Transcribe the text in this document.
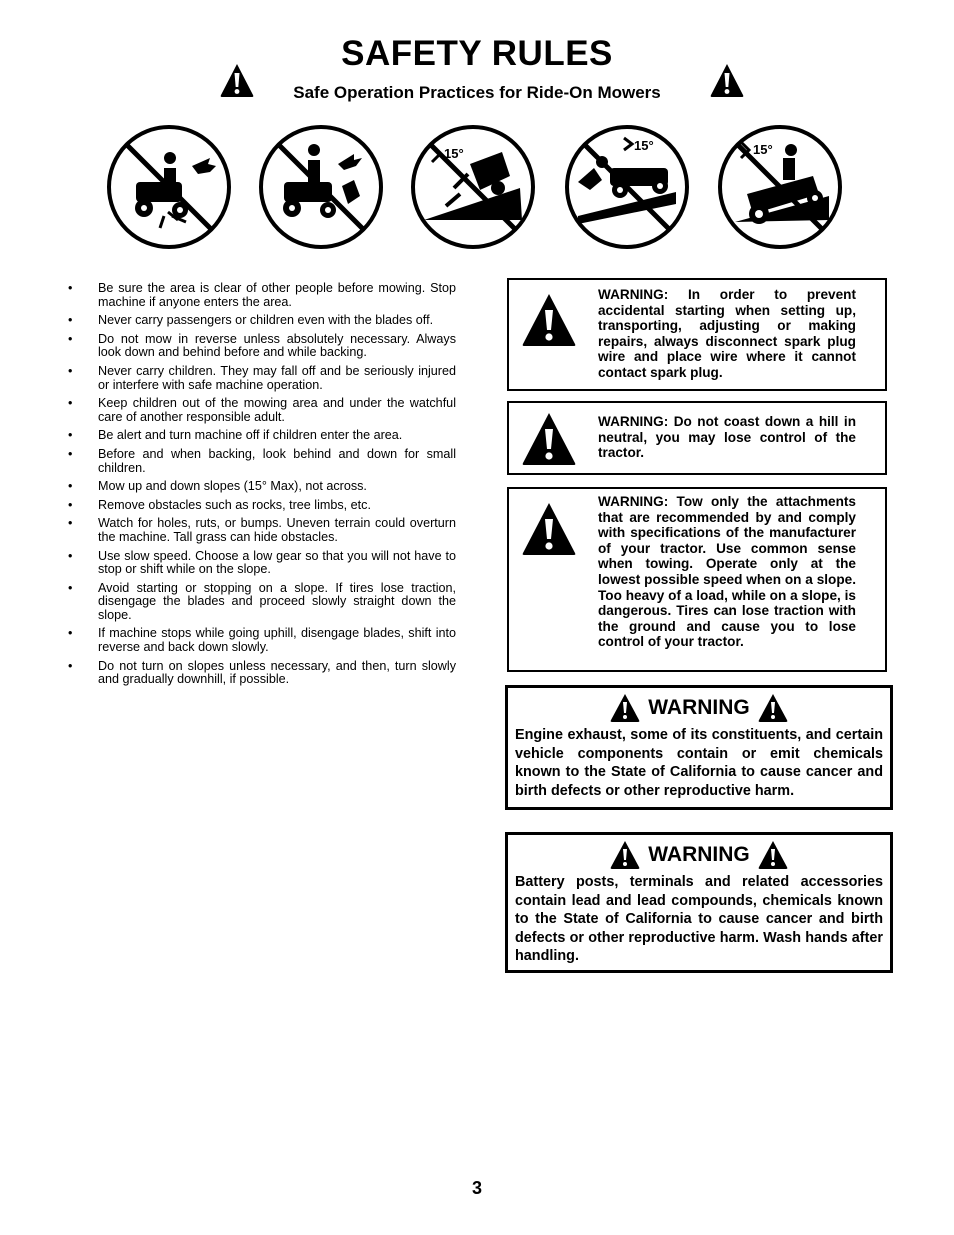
SAFETY RULES
Safe Operation Practices for Ride-On Mowers
15°
15°	15°
• Be sure the area is clear of other people before mowing. Stop machine if anyone enters the area.
• Never carry passengers or children even with the blades off.
• Do not mow in reverse unless absolutely necessary. Always look down and behind before and while backing.
• Never carry children. They may fall off and be seriously injured or interfere with safe machine operation.
• Keep children out of the mowing area and under the watchful care of another responsible adult.
• Be alert and turn machine off if children enter the area.
• Before and when backing, look behind and down for small children.
• Mow up and down slopes (15° Max), not across.
• Remove obstacles such as rocks, tree limbs, etc.
• Watch for holes, ruts, or bumps. Uneven terrain could overturn the machine. Tall grass can hide obstacles.
• Use slow speed. Choose a low gear so that you will not have to stop or shift while on the slope.
• Avoid starting or stopping on a slope. If tires lose traction, disengage the blades and proceed slowly straight down the slope.
• If machine stops while going uphill, disengage blades, shift into reverse and back down slowly.
• Do not turn on slopes unless necessary, and then, turn slowly and gradually downhill, if possible.
WARNING: In order to prevent accidental starting when setting up, transporting, adjusting or making repairs, always disconnect spark plug wire and place wire where it cannot contact spark plug.
WARNING: Do not coast down a hill in neutral, you may lose control of the tractor.
WARNING: Tow only the attachments that are recommended by and comply with specifications of the manufacturer of your tractor. Use common sense when towing. Operate only at the lowest possible speed when on a slope. Too heavy of a load, while on a slope, is dangerous. Tires can lose traction with the ground and cause you to lose control of your tractor.
WARNING
Engine exhaust, some of its constituents, and certain vehicle components contain or emit chemicals known to the State of California to cause cancer and birth defects or other reproductive harm.
WARNING
Battery posts, terminals and related accessories contain lead and lead compounds, chemicals known to the State of California to cause cancer and birth defects or other reproductive harm. Wash hands after handling.
3
